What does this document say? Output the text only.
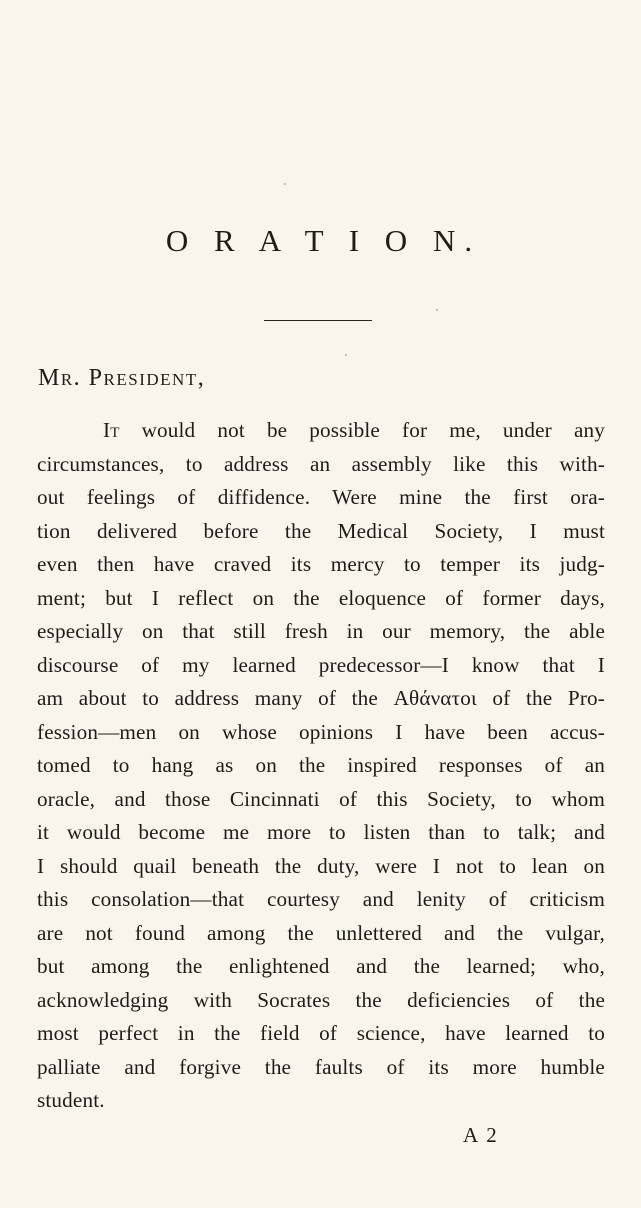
O R A T I O N.
Mr. President,
It would not be possible for me, under any
circumstances, to address an assembly like this with-
out feelings of diffidence. Were mine the first ora-
tion delivered before the Medical Society, I must
even then have craved its mercy to temper its judg-
ment; but I reflect on the eloquence of former days,
especially on that still fresh in our memory, the able
discourse of my learned predecessor—I know that I
am about to address many of the Αθάνατοι of the Pro-
fession—men on whose opinions I have been accus-
tomed to hang as on the inspired responses of an
oracle, and those Cincinnati of this Society, to whom
it would become me more to listen than to talk; and
I should quail beneath the duty, were I not to lean on
this consolation—that courtesy and lenity of criticism
are not found among the unlettered and the vulgar,
but among the enlightened and the learned; who,
acknowledging with Socrates the deficiencies of the
most perfect in the field of science, have learned to
palliate and forgive the faults of its more humble
student.
A 2
